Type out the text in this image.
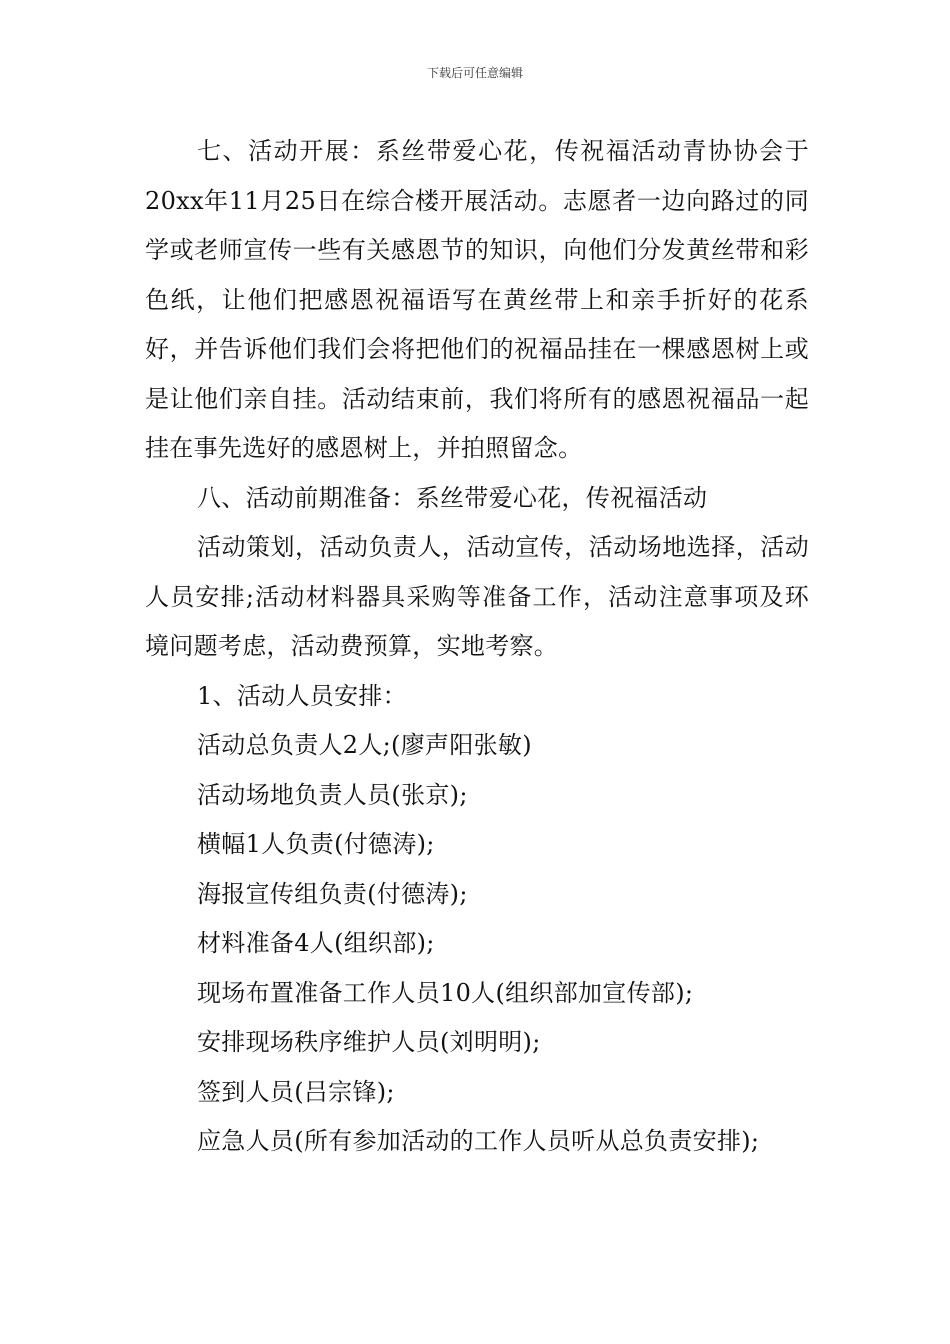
下载后可任意编辑

七、活动开展：系丝带爱心花，传祝福活动青协协会于20xx年11月25日在综合楼开展活动。志愿者一边向路过的同学或老师宣传一些有关感恩节的知识，向他们分发黄丝带和彩色纸，让他们把感恩祝福语写在黄丝带上和亲手折好的花系好，并告诉他们我们会将把他们的祝福品挂在一棵感恩树上或是让他们亲自挂。活动结束前，我们将所有的感恩祝福品一起挂在事先选好的感恩树上，并拍照留念。

八、活动前期准备：系丝带爱心花，传祝福活动

活动策划，活动负责人，活动宣传，活动场地选择，活动人员安排;活动材料器具采购等准备工作，活动注意事项及环境问题考虑，活动费预算，实地考察。

1、活动人员安排：

活动总负责人2人;(廖声阳张敏)

活动场地负责人员(张京);

横幅1人负责(付德涛);

海报宣传组负责(付德涛);

材料准备4人(组织部);

现场布置准备工作人员10人(组织部加宣传部);

安排现场秩序维护人员(刘明明);

签到人员(吕宗锋);

应急人员(所有参加活动的工作人员听从总负责安排);
